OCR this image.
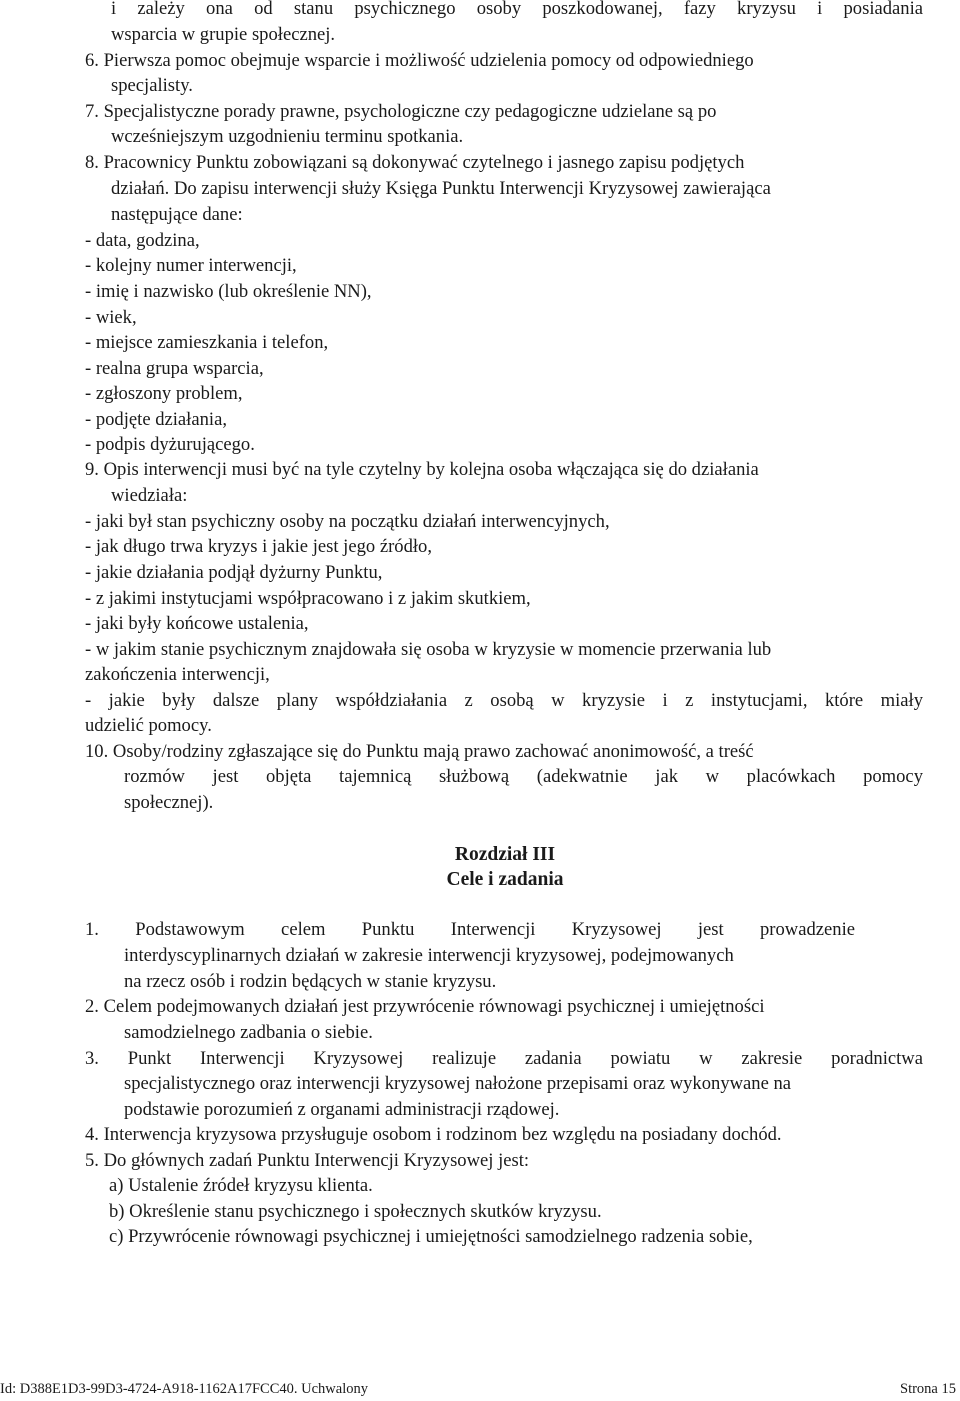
i zależy ona od stanu psychicznego osoby poszkodowanej, fazy kryzysu i posiadania
wsparcia w grupie społecznej.
6. Pierwsza pomoc obejmuje wsparcie i możliwość udzielenia pomocy od odpowiedniego
specjalisty.
7. Specjalistyczne porady prawne, psychologiczne czy pedagogiczne udzielane są po
wcześniejszym uzgodnieniu terminu spotkania.
8. Pracownicy Punktu zobowiązani są dokonywać czytelnego i jasnego zapisu podjętych
działań. Do zapisu interwencji służy Księga Punktu Interwencji Kryzysowej zawierająca
następujące dane:
- data, godzina,
- kolejny numer interwencji,
- imię i nazwisko (lub określenie NN),
- wiek,
- miejsce zamieszkania i telefon,
- realna grupa wsparcia,
- zgłoszony problem,
- podjęte działania,
- podpis dyżurującego.
9. Opis interwencji musi być na tyle czytelny by kolejna osoba włączająca się do działania
wiedziała:
- jaki był stan psychiczny osoby na początku działań interwencyjnych,
- jak długo trwa kryzys i jakie jest jego źródło,
- jakie działania podjął dyżurny Punktu,
- z jakimi instytucjami współpracowano i z jakim skutkiem,
- jaki były końcowe ustalenia,
- w jakim stanie psychicznym znajdowała się osoba w kryzysie w momencie przerwania lub
zakończenia interwencji,
- jakie były dalsze plany współdziałania z osobą w kryzysie i z instytucjami, które miały
udzielić pomocy.
10. Osoby/rodziny zgłaszające się do Punktu mają prawo zachować anonimowość, a treść
rozmów jest objęta tajemnicą służbową (adekwatnie jak w placówkach pomocy
społecznej).
Rozdział III
Cele i zadania
1. Podstawowym celem Punktu Interwencji Kryzysowej jest prowadzenie
interdyscyplinarnych działań w zakresie interwencji kryzysowej, podejmowanych
na rzecz osób i rodzin będących w stanie kryzysu.
2. Celem podejmowanych działań jest przywrócenie równowagi psychicznej i umiejętności
samodzielnego zadbania o siebie.
3. Punkt Interwencji Kryzysowej realizuje zadania powiatu w zakresie poradnictwa
specjalistycznego oraz interwencji kryzysowej nałożone przepisami oraz wykonywane na
podstawie porozumień z organami administracji rządowej.
4. Interwencja kryzysowa przysługuje osobom i rodzinom bez względu na posiadany dochód.
5. Do głównych zadań Punktu Interwencji Kryzysowej jest:
a) Ustalenie źródeł kryzysu klienta.
b) Określenie stanu psychicznego i społecznych skutków kryzysu.
c) Przywrócenie równowagi psychicznej i umiejętności samodzielnego radzenia sobie,
Id: D388E1D3-99D3-4724-A918-1162A17FCC40. Uchwalony	Strona 15
